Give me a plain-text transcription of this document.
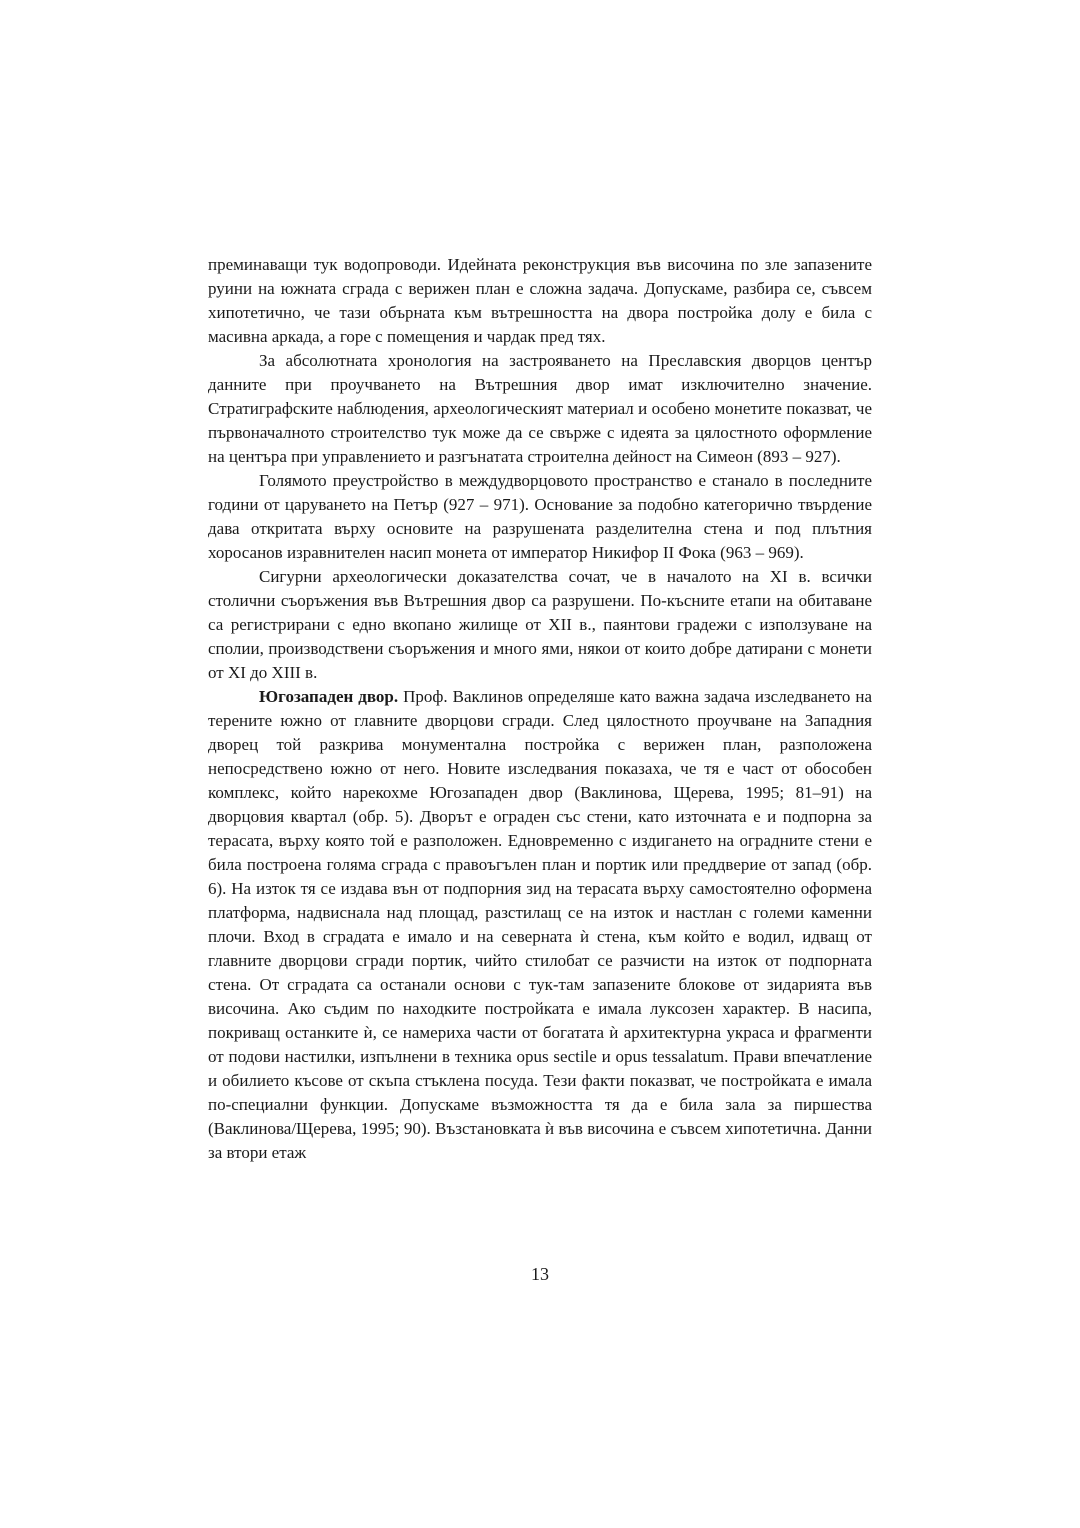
преминаващи тук водопроводи. Идейната реконструкция във височина по зле запазените руини на южната сграда с верижен план е сложна задача. Допускаме, разбира се, съвсем хипотетично, че тази обърната към вътрешността на двора постройка долу е била с масивна аркада, а горе с помещения и чардак пред тях.

За абсолютната хронология на застрояването на Преславския дворцов център данните при проучването на Вътрешния двор имат изключително значение. Стратиграфските наблюдения, археологическият материал и особено монетите показват, че първоначалното строителство тук може да се свърже с идеята за цялостното оформление на центъра при управлението и разгънатата строителна дейност на Симеон (893 – 927).

Голямото преустройство в междудворцовото пространство е станало в последните години от царуването на Петър (927 – 971). Основание за подобно категорично твърдение дава откритата върху основите на разрушената разделителна стена и под плътния хоросанов изравнителен насип монета от император Никифор II Фока (963 – 969).

Сигурни археологически доказателства сочат, че в началото на XI в. всички столични съоръжения във Вътрешния двор са разрушени. По-късните етапи на обитаване са регистрирани с едно вкопано жилище от XII в., паянтови градежи с използуване на сполии, производствени съоръжения и много ями, някои от които добре датирани с монети от XI до XIII в.

Югозападен двор. Проф. Ваклинов определяше като важна задача изследването на терените южно от главните дворцови сгради. След цялостното проучване на Западния дворец той разкрива монументална постройка с верижен план, разположена непосредствено южно от него. Новите изследвания показаха, че тя е част от обособен комплекс, който нарекохме Югозападен двор (Ваклинова, Щерева, 1995; 81–91) на дворцовия квартал (обр. 5). Дворът е ограден със стени, като източната е и подпорна за терасата, върху която той е разположен. Едновременно с издигането на оградните стени е била построена голяма сграда с правоъгълен план и портик или преддверие от запад (обр. 6). На изток тя се издава вън от подпорния зид на терасата върху самостоятелно оформена платформа, надвиснала над площад, разстилащ се на изток и настлан с големи каменни плочи. Вход в сградата е имало и на северната ѝ стена, към който е водил, идващ от главните дворцови сгради портик, чийто стилобат се разчисти на изток от подпорната стена. От сградата са останали основи с тук-там запазените блокове от зидарията във височина. Ако съдим по находките постройката е имала луксозен характер. В насипа, покриващ останките ѝ, се намериха части от богатата ѝ архитектурна украса и фрагменти от подови настилки, изпълнени в техника opus sectile и opus tessalatum. Прави впечатление и обилието късове от скъпа стъклена посуда. Тези факти показват, че постройката е имала по-специални функции. Допускаме възможността тя да е била зала за пиршества (Ваклинова/Щерева, 1995; 90). Възстановката ѝ във височина е съвсем хипотетична. Данни за втори етаж

13
